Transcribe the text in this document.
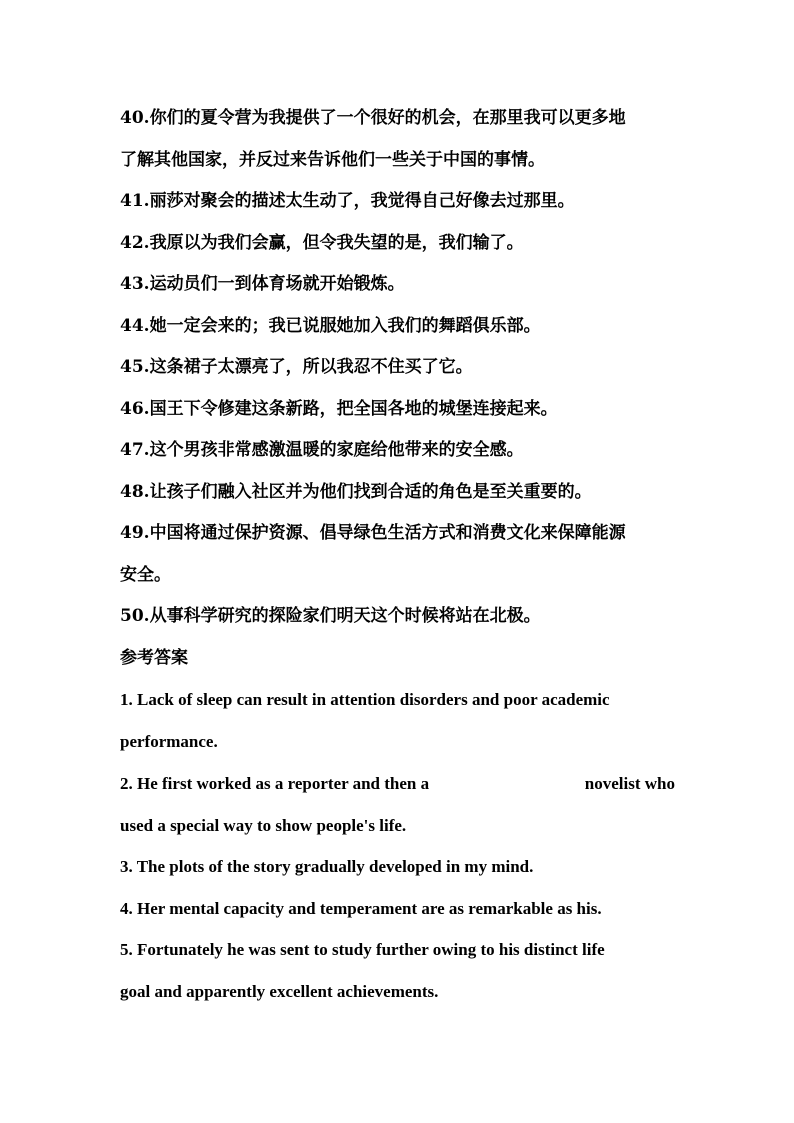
40.你们的夏令营为我提供了一个很好的机会，在那里我可以更多地
了解其他国家，并反过来告诉他们一些关于中国的事情。
41.丽莎对聚会的描述太生动了，我觉得自己好像去过那里。
42.我原以为我们会赢，但令我失望的是，我们输了。
43.运动员们一到体育场就开始锻炼。
44.她一定会来的；我已说服她加入我们的舞蹈俱乐部。
45.这条裙子太漂亮了，所以我忍不住买了它。
46.国王下令修建这条新路，把全国各地的城堡连接起来。
47.这个男孩非常感激温暖的家庭给他带来的安全感。
48.让孩子们融入社区并为他们找到合适的角色是至关重要的。
49.中国将通过保护资源、倡导绿色生活方式和消费文化来保障能源
安全。
50.从事科学研究的探险家们明天这个时候将站在北极。
参考答案
1. Lack of sleep can result in attention disorders and poor academic
performance.
2. He first worked as a reporter and then a	novelist who
used a special way to show people's life.
3. The plots of the story gradually developed in my mind.
4. Her mental capacity and temperament are as remarkable as his.
5. Fortunately he was sent to study further owing to his distinct life
goal and apparently excellent achievements.
